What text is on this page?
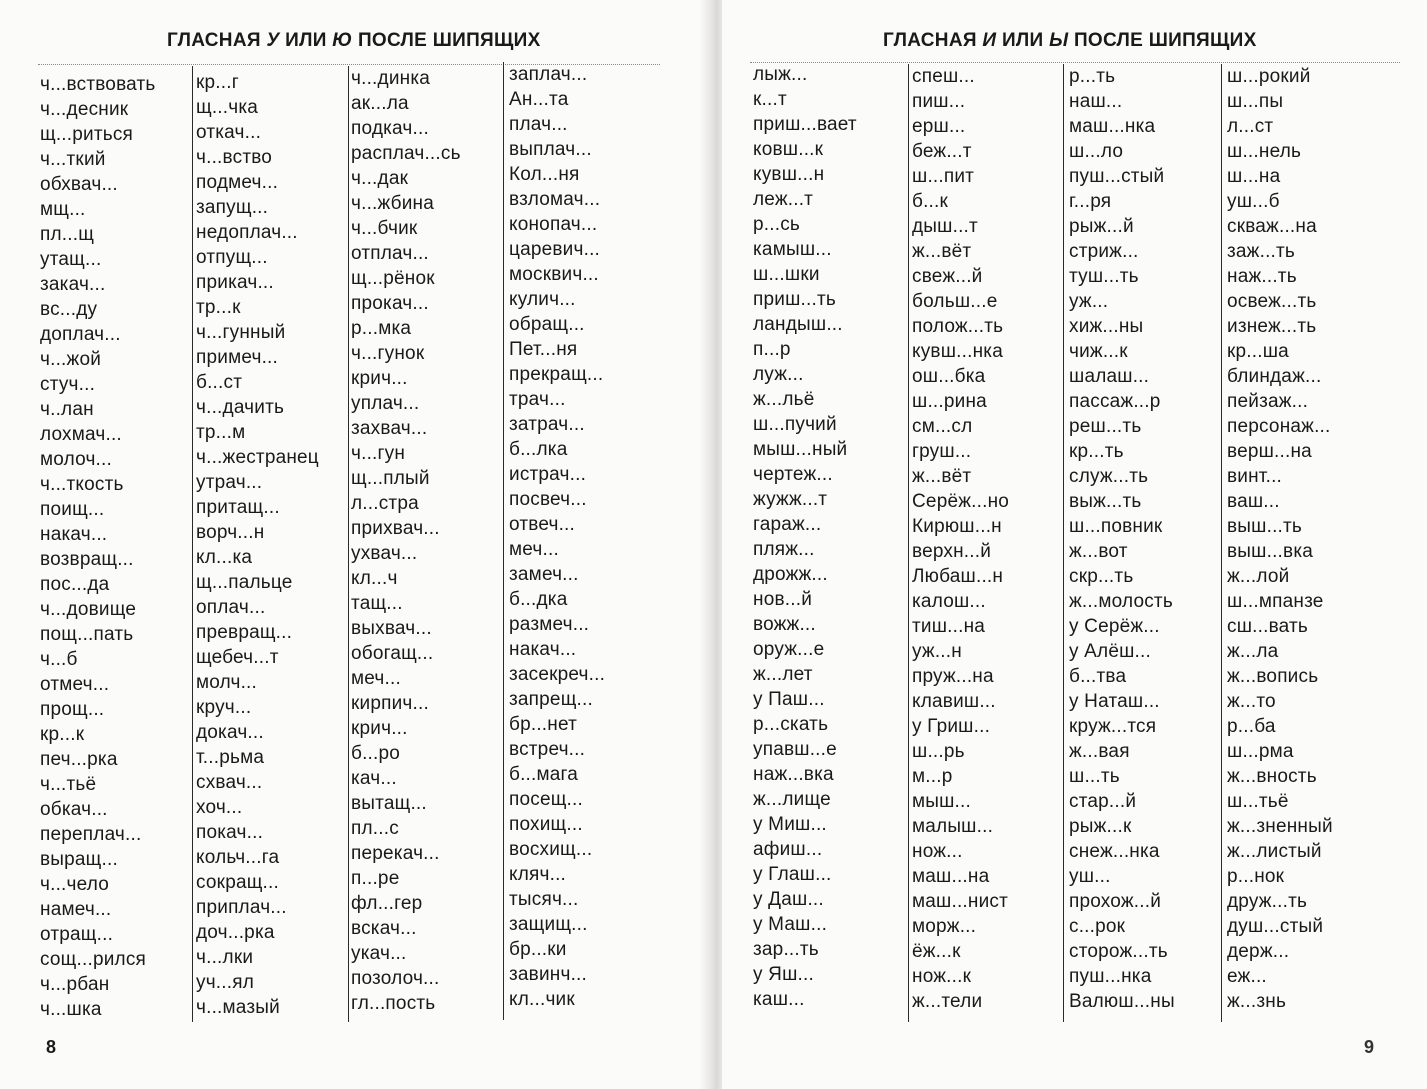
ГЛАСНАЯ У ИЛИ Ю ПОСЛЕ ШИПЯЩИХ
ч...вствовать
ч...десник
щ...риться
ч...ткий
обхвач...
мщ...
пл...щ
утащ...
закач...
вс...ду
доплач...
ч...жой
стуч...
ч..лан
лохмач...
молоч...
ч...ткость
поищ...
накач...
возвращ...
пос...да
ч...довище
пощ...пать
ч...б
отмеч...
прощ...
кр...к
печ...рка
ч...тьё
обкач...
переплач...
выращ...
ч...чело
намеч...
отращ...
сощ...рился
ч...рбан
ч...шка
кр...г
щ...чка
откач...
ч...вство
подмеч...
запущ...
недоплач...
отпущ...
прикач...
тр...к
ч...гунный
примеч...
б...ст
ч...дачить
тр...м
ч...жестранец
утрач...
притащ...
ворч...н
кл...ка
щ...пальце
оплач...
превращ...
щебеч...т
молч...
круч...
докач...
т...рьма
схвач...
хоч...
покач...
кольч...га
сокращ...
приплач...
доч...рка
ч...лки
уч...ял
ч...мазый
ч...динка
ак...ла
подкач...
расплач...сь
ч...дак
ч...жбина
ч...бчик
отплач...
щ...рёнок
прокач...
р...мка
ч...гунок
крич...
уплач...
захвач...
ч...гун
щ...плый
л...стра
прихвач...
ухвач...
кл...ч
тащ...
выхвач...
обогащ...
меч...
кирпич...
крич...
б...ро
кач...
вытащ...
пл...с
перекач...
п...ре
фл...гер
вскач...
укач...
позолоч...
гл...пость
заплач...
Ан...та
плач...
выплач...
Кол...ня
взломач...
конопач...
царевич...
москвич...
кулич...
обращ...
Пет...ня
прекращ...
трач...
затрач...
б...лка
истрач...
посвеч...
отвеч...
меч...
замеч...
б...дка
размеч...
накач...
засекреч...
запрещ...
бр...нет
встреч...
б...мага
посещ...
похищ...
восхищ...
кляч...
тысяч...
защищ...
бр...ки
завинч...
кл...чик
8
ГЛАСНАЯ И ИЛИ Ы ПОСЛЕ ШИПЯЩИХ
лыж...
к...т
приш...вает
ковш...к
кувш...н
леж...т
р...сь
камыш...
ш...шки
приш...ть
ландыш...
п...р
луж...
ж...льё
ш...пучий
мыш...ный
чертеж...
жужж...т
гараж...
пляж...
дрожж...
нов...й
вожж...
оруж...е
ж...лет
у Паш...
р...скать
упавш...е
наж...вка
ж...лище
у Миш...
афиш...
у Глаш...
у Даш...
у Маш...
зар...ть
у Яш...
каш...
спеш...
пиш...
ерш...
беж...т
ш...пит
б...к
дыш...т
ж...вёт
свеж...й
больш...е
полож...ть
кувш...нка
ош...бка
ш...рина
см...сл
груш...
ж...вёт
Серёж...но
Кирюш...н
верхн...й
Любаш...н
калош...
тиш...на
уж...н
пруж...на
клавиш...
у Гриш...
ш...рь
м...р
мыш...
малыш...
нож...
маш...на
маш...нист
морж...
ёж...к
нож...к
ж...тели
р...ть
наш...
маш...нка
ш...ло
пуш...стый
г...ря
рыж...й
стриж...
туш...ть
уж...
хиж...ны
чиж...к
шалаш...
пассаж...р
реш...ть
кр...ть
служ...ть
выж...ть
ш...повник
ж...вот
скр...ть
ж...молость
у Серёж...
у Алёш...
б...тва
у Наташ...
круж...тся
ж...вая
ш...ть
стар...й
рыж...к
снеж...нка
уш...
прохож...й
с...рок
сторож...ть
пуш...нка
Валюш...ны
ш...рокий
ш...пы
л...ст
ш...нель
ш...на
уш...б
скваж...на
заж...ть
наж...ть
освеж...ть
изнеж...ть
кр...ша
блиндаж...
пейзаж...
персонаж...
верш...на
винт...
ваш...
выш...ть
выш...вка
ж...лой
ш...мпанзе
сш...вать
ж...ла
ж...вопись
ж...то
р...ба
ш...рма
ж...вность
ш...тьё
ж...зненный
ж...листый
р...нок
друж...ть
душ...стый
держ...
еж...
ж...знь
9
